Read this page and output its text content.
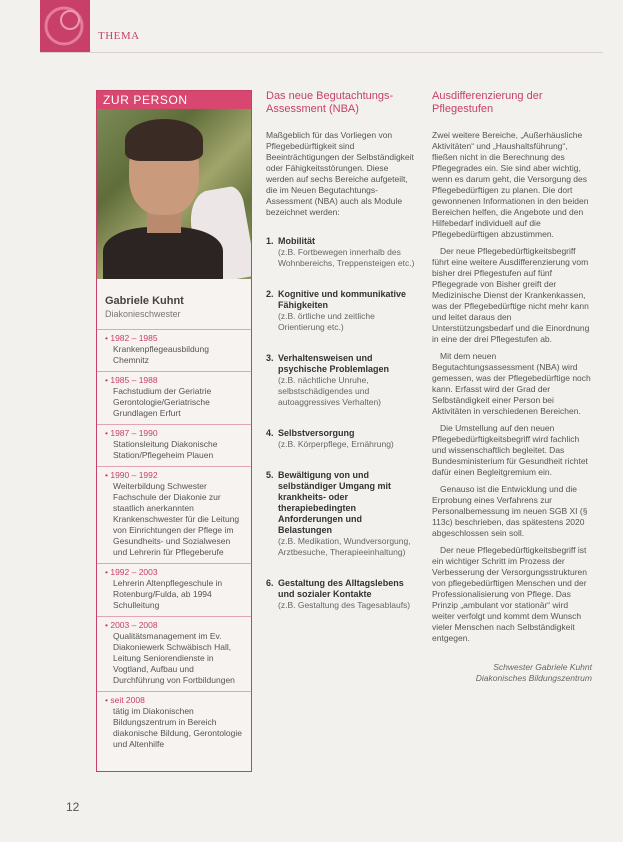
THEMA
ZUR PERSON
Gabriele Kuhnt
Diakonieschwester
• 1982 – 1985
Krankenpflegeausbildung Chemnitz
• 1985 – 1988
Fachstudium der Geriatrie Gerontologie/Geriatrische Grundlagen Erfurt
• 1987 – 1990
Stationsleitung Diakonische Station/Pflegeheim Plauen
• 1990 – 1992
Weiterbildung Schwester Fachschule der Diakonie zur staatlich anerkannten Krankenschwester für die Leitung von Einrichtungen der Pflege im Gesundheits- und Sozialwesen und Lehrerin für Pflegeberufe
• 1992 – 2003
Lehrerin Altenpflegeschule in Rotenburg/Fulda, ab 1994 Schulleitung
• 2003 – 2008
Qualitätsmanagement im Ev. Diakoniewerk Schwäbisch Hall, Leitung Seniorendienste in Vogtland, Aufbau und Durchführung von Fortbildungen
• seit 2008
tätig im Diakonischen Bildungszentrum in Bereich diakonische Bildung, Gerontologie und Altenhilfe
Das neue Begutachtungs-Assessment (NBA)

Maßgeblich für das Vorliegen von Pflegebedürftigkeit sind Beeinträchtigungen der Selbständigkeit oder Fähigkeitsstörungen. Diese werden auf sechs Bereiche aufgeteilt, die im Neuen Begutachtungs-Assessment (NBA) auch als Module bezeichnet werden:

1. Mobilität
(z.B. Fortbewegen innerhalb des Wohnbereichs, Treppensteigen etc.)
2. Kognitive und kommunikative Fähigkeiten
(z.B. örtliche und zeitliche Orientierung etc.)
3. Verhaltensweisen und psychische Problemlagen
(z.B. nächtliche Unruhe, selbstschädigendes und autoaggressives Verhalten)
4. Selbstversorgung
(z.B. Körperpflege, Ernährung)
5. Bewältigung von und selbständiger Umgang mit krankheits- oder therapiebedingten Anforderungen und Belastungen
(z.B. Medikation, Wundversorgung, Arztbesuche, Therapieeinhaltung)
6. Gestaltung des Alltagslebens und sozialer Kontakte
(z.B. Gestaltung des Tagesablaufs)
Ausdifferenzierung der Pflegestufen

Zwei weitere Bereiche, „Außerhäusliche Aktivitäten“ und „Haushaltsführung“, fließen nicht in die Berechnung des Pflegegrades ein. Sie sind aber wichtig, wenn es darum geht, die Versorgung des Pflegebedürftigen zu planen. Die dort gewonnenen Informationen in den beiden Bereichen helfen, die Angebote und den Hilfebedarf individuell auf die Pflegebedürftigen abzustimmen.

Der neue Pflegebedürftigkeitsbegriff führt eine weitere Ausdifferenzierung vom bisher drei Pflegestufen auf fünf Pflegegrade von Bisher greift der Medizinische Dienst der Krankenkassen, was der Pflegebedürftige nicht mehr kann und leitet daraus den Unterstützungsbedarf und die Einordnung in eine der drei Pflegestufen ab.

Mit dem neuen Begutachtungsassessment (NBA) wird gemessen, was der Pflegebedürftige noch kann. Erfasst wird der Grad der Selbständigkeit einer Person bei Aktivitäten in verschiedenen Bereichen.

Die Umstellung auf den neuen Pflegebedürftigkeitsbegriff wird fachlich und wissenschaftlich begleitet. Das Bundesministerium für Gesundheit richtet dafür einen Begleitgremium ein.

Genauso ist die Entwicklung und die Erprobung eines Verfahrens zur Personalbemessung im neuen SGB XI (§ 113c) beschrieben, das spätestens 2020 abgeschlossen sein soll.

Der neue Pflegebedürftigkeitsbegriff ist ein wichtiger Schritt im Prozess der Verbesserung der Versorgungsstrukturen von pflegebedürftigen Menschen und der Professionalisierung von Pflege. Das Prinzip „ambulant vor stationär“ wird weiter verfolgt und kommt dem Wunsch vieler Menschen nach Selbständigkeit entgegen.

Schwester Gabriele Kuhnt
Diakonisches Bildungszentrum
12
